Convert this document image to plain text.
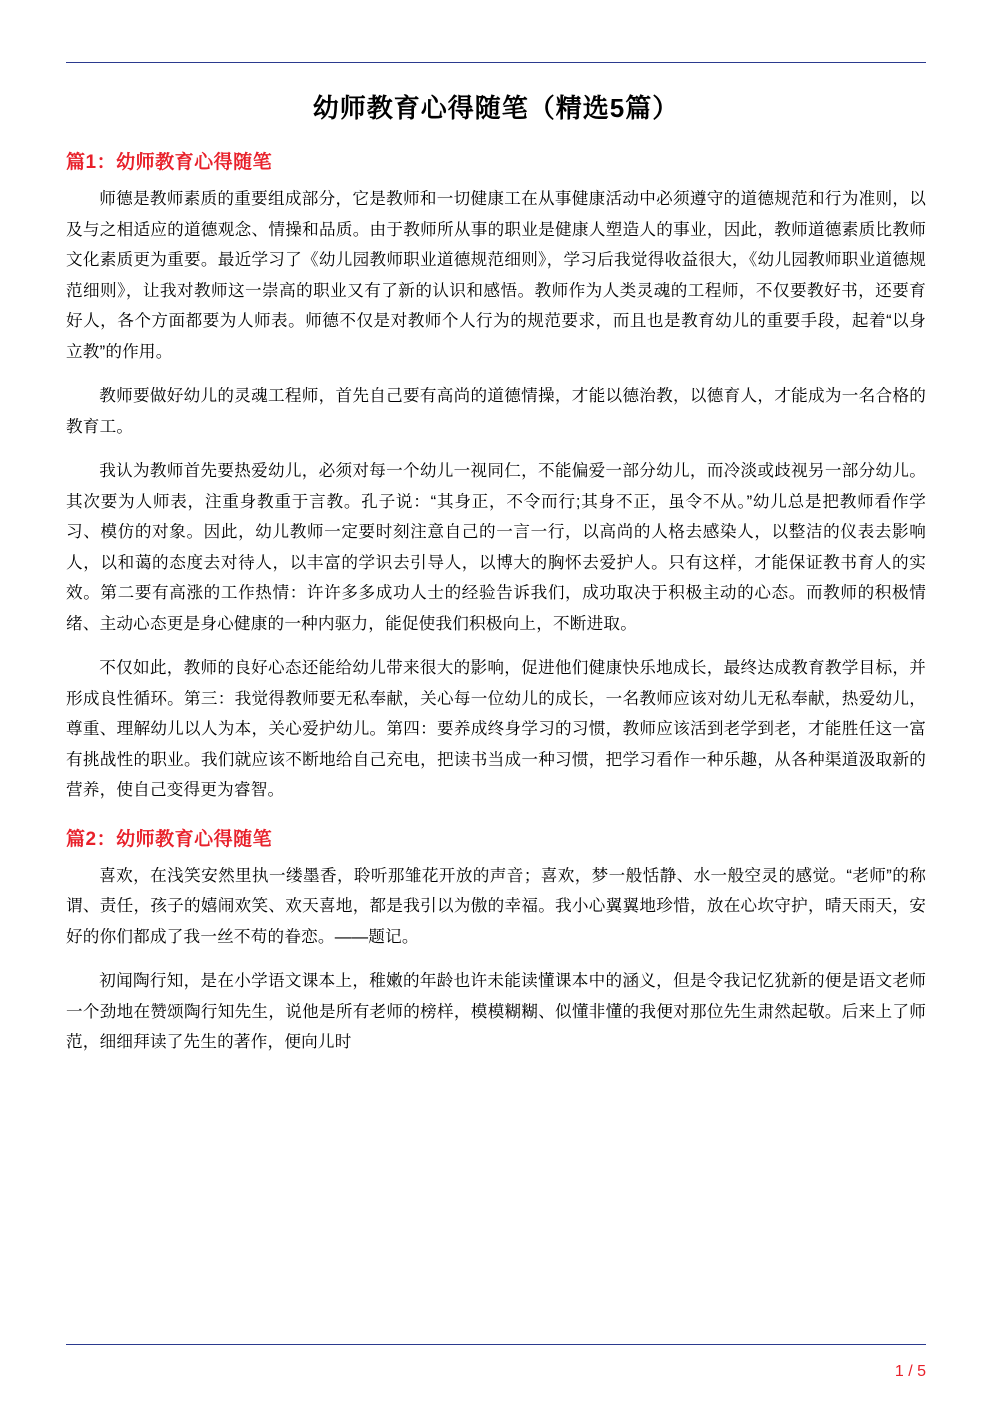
幼师教育心得随笔（精选5篇）
篇1：幼师教育心得随笔

师德是教师素质的重要组成部分，它是教师和一切健康工在从事健康活动中必须遵守的道德规范和行为准则，以及与之相适应的道德观念、情操和品质。由于教师所从事的职业是健康人塑造人的事业，因此，教师道德素质比教师文化素质更为重要。最近学习了《幼儿园教师职业道德规范细则》，学习后我觉得收益很大，《幼儿园教师职业道德规范细则》，让我对教师这一崇高的职业又有了新的认识和感悟。教师作为人类灵魂的工程师，不仅要教好书，还要育好人，各个方面都要为人师表。师德不仅是对教师个人行为的规范要求，而且也是教育幼儿的重要手段，起着“以身立教”的作用。

教师要做好幼儿的灵魂工程师，首先自己要有高尚的道德情操，才能以德治教，以德育人，才能成为一名合格的教育工。

我认为教师首先要热爱幼儿，必须对每一个幼儿一视同仁，不能偏爱一部分幼儿，而冷淡或歧视另一部分幼儿。其次要为人师表，注重身教重于言教。孔子说：“其身正，不令而行;其身不正，虽令不从。”幼儿总是把教师看作学习、模仿的对象。因此，幼儿教师一定要时刻注意自己的一言一行，以高尚的人格去感染人，以整洁的仪表去影响人，以和蔼的态度去对待人，以丰富的学识去引导人，以博大的胸怀去爱护人。只有这样，才能保证教书育人的实效。第二要有高涨的工作热情：许许多多成功人士的经验告诉我们，成功取决于积极主动的心态。而教师的积极情绪、主动心态更是身心健康的一种内驱力，能促使我们积极向上，不断进取。

不仅如此，教师的良好心态还能给幼儿带来很大的影响，促进他们健康快乐地成长，最终达成教育教学目标，并形成良性循环。第三：我觉得教师要无私奉献，关心每一位幼儿的成长，一名教师应该对幼儿无私奉献，热爱幼儿，尊重、理解幼儿以人为本，关心爱护幼儿。第四：要养成终身学习的习惯，教师应该活到老学到老，才能胜任这一富有挑战性的职业。我们就应该不断地给自己充电，把读书当成一种习惯，把学习看作一种乐趣，从各种渠道汲取新的营养，使自己变得更为睿智。

篇2：幼师教育心得随笔

喜欢，在浅笑安然里执一缕墨香，聆听那雏花开放的声音；喜欢，梦一般恬静、水一般空灵的感觉。“老师”的称谓、责任，孩子的嬉闹欢笑、欢天喜地，都是我引以为傲的幸福。我小心翼翼地珍惜，放在心坎守护，晴天雨天，安好的你们都成了我一丝不苟的眷恋。——题记。

初闻陶行知，是在小学语文课本上，稚嫩的年龄也许未能读懂课本中的涵义，但是令我记忆犹新的便是语文老师一个劲地在赞颂陶行知先生，说他是所有老师的榜样，模模糊糊、似懂非懂的我便对那位先生肃然起敬。后来上了师范，细细拜读了先生的著作，便向儿时

1 / 5
